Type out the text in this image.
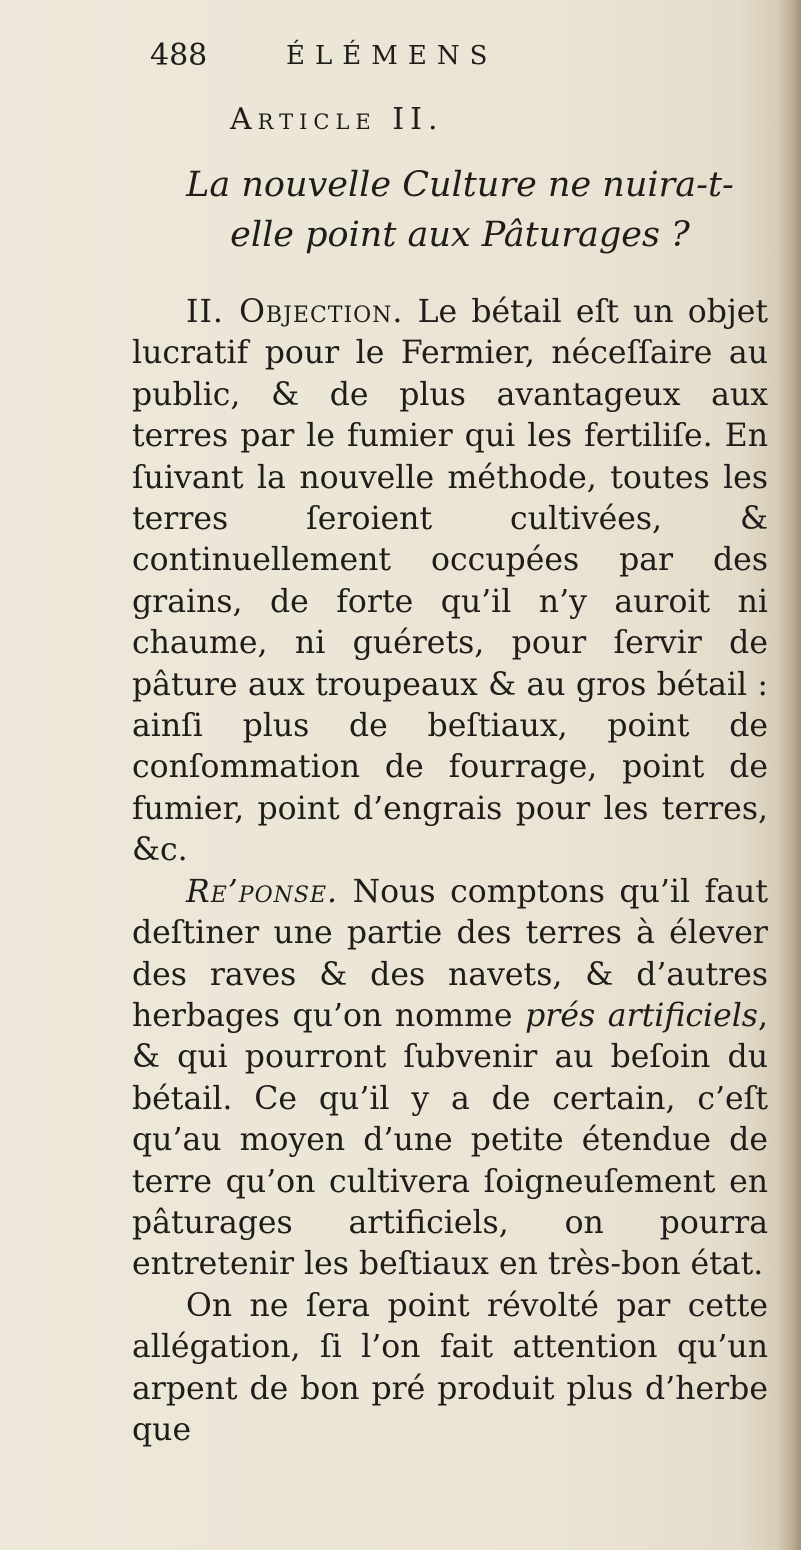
488	ÉLÉMENS
Article II.
La nouvelle Culture ne nuira-t-elle point aux Pâturages ?

II. Objection. Le bétail eſt un objet lucratif pour le Fermier, néceſſaire au public, & de plus avantageux aux terres par le fumier qui les fertiliſe. En ſuivant la nouvelle méthode, toutes les terres ſeroient cultivées, & continuellement occupées par des grains, de forte qu’il n’y auroit ni chaume, ni guérets, pour ſervir de pâture aux troupeaux & au gros bétail : ainſi plus de beſtiaux, point de conſommation de fourrage, point de fumier, point d’engrais pour les terres, &c.

Re’ponse. Nous comptons qu’il faut deſtiner une partie des terres à élever des raves & des navets, & d’autres herbages qu’on nomme prés artificiels, & qui pourront ſubvenir au beſoin du bétail. Ce qu’il y a de certain, c’eſt qu’au moyen d’une petite étendue de terre qu’on cultivera ſoigneuſement en pâturages artificiels, on pourra entretenir les beſtiaux en très-bon état.

On ne ſera point révolté par cette allégation, ſi l’on fait attention qu’un arpent de bon pré produit plus d’herbe que
